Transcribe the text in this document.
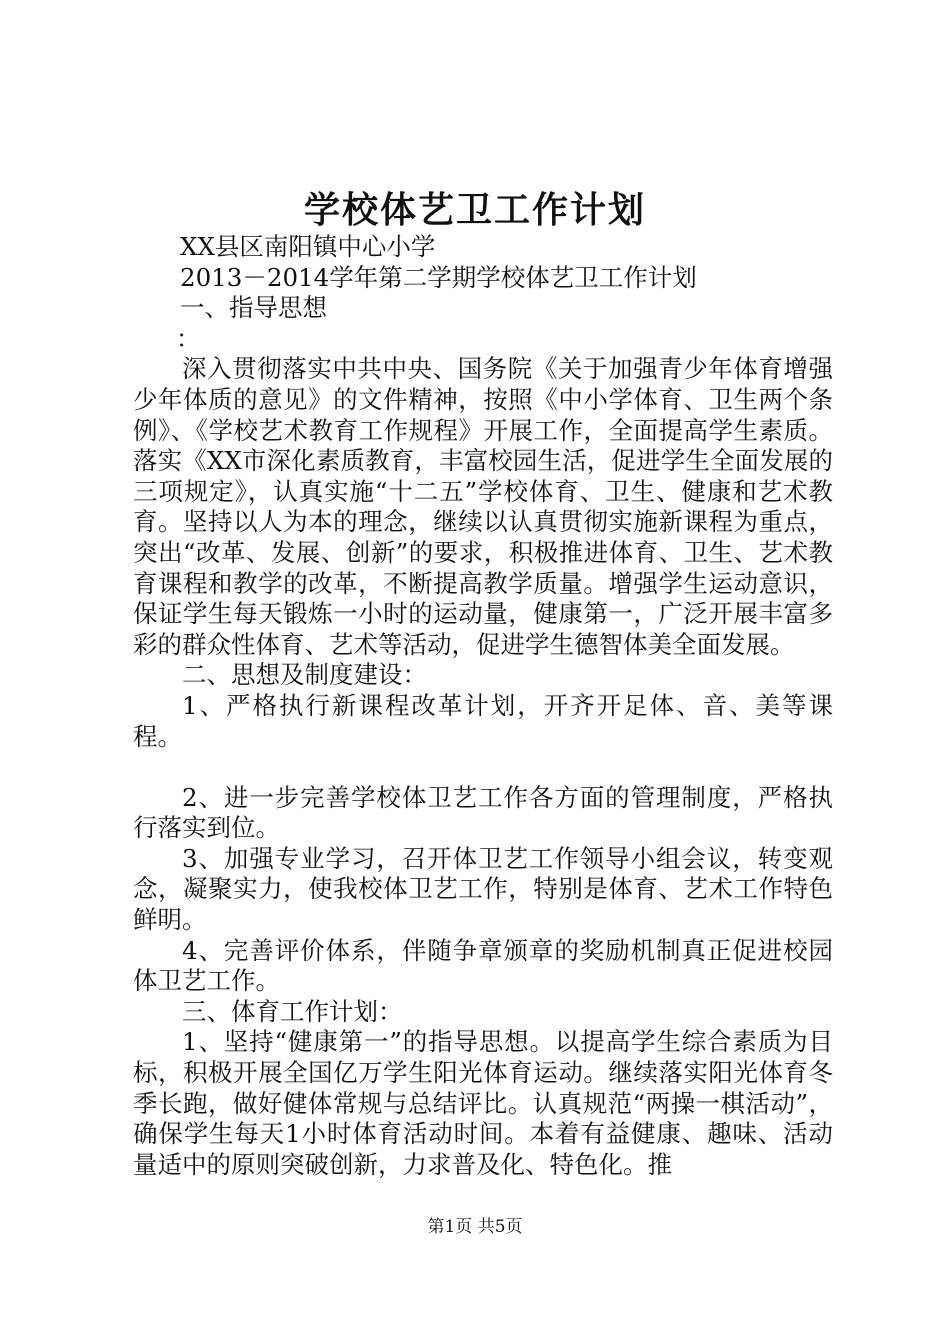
学校体艺卫工作计划

XX县区南阳镇中心小学

2013－2014学年第二学期学校体艺卫工作计划

一、指导思想

：

深入贯彻落实中共中央、国务院《关于加强青少年体育增强少年体质的意见》的文件精神，按照《中小学体育、卫生两个条例》、《学校艺术教育工作规程》开展工作，全面提高学生素质。落实《XX市深化素质教育，丰富校园生活，促进学生全面发展的三项规定》，认真实施“十二五”学校体育、卫生、健康和艺术教育。坚持以人为本的理念，继续以认真贯彻实施新课程为重点，突出“改革、发展、创新”的要求，积极推进体育、卫生、艺术教育课程和教学的改革，不断提高教学质量。增强学生运动意识，保证学生每天锻炼一小时的运动量，健康第一，广泛开展丰富多彩的群众性体育、艺术等活动，促进学生德智体美全面发展。

二、思想及制度建设：

1、严格执行新课程改革计划，开齐开足体、音、美等课程。

2、进一步完善学校体卫艺工作各方面的管理制度，严格执行落实到位。

3、加强专业学习，召开体卫艺工作领导小组会议，转变观念，凝聚实力，使我校体卫艺工作，特别是体育、艺术工作特色鲜明。

4、完善评价体系，伴随争章颁章的奖励机制真正促进校园体卫艺工作。

三、体育工作计划：

1、坚持“健康第一”的指导思想。以提高学生综合素质为目标，积极开展全国亿万学生阳光体育运动。继续落实阳光体育冬季长跑，做好健体常规与总结评比。认真规范“两操一棋活动”，确保学生每天1小时体育活动时间。本着有益健康、趣味、活动量适中的原则突破创新，力求普及化、特色化。推

第1页 共5页
